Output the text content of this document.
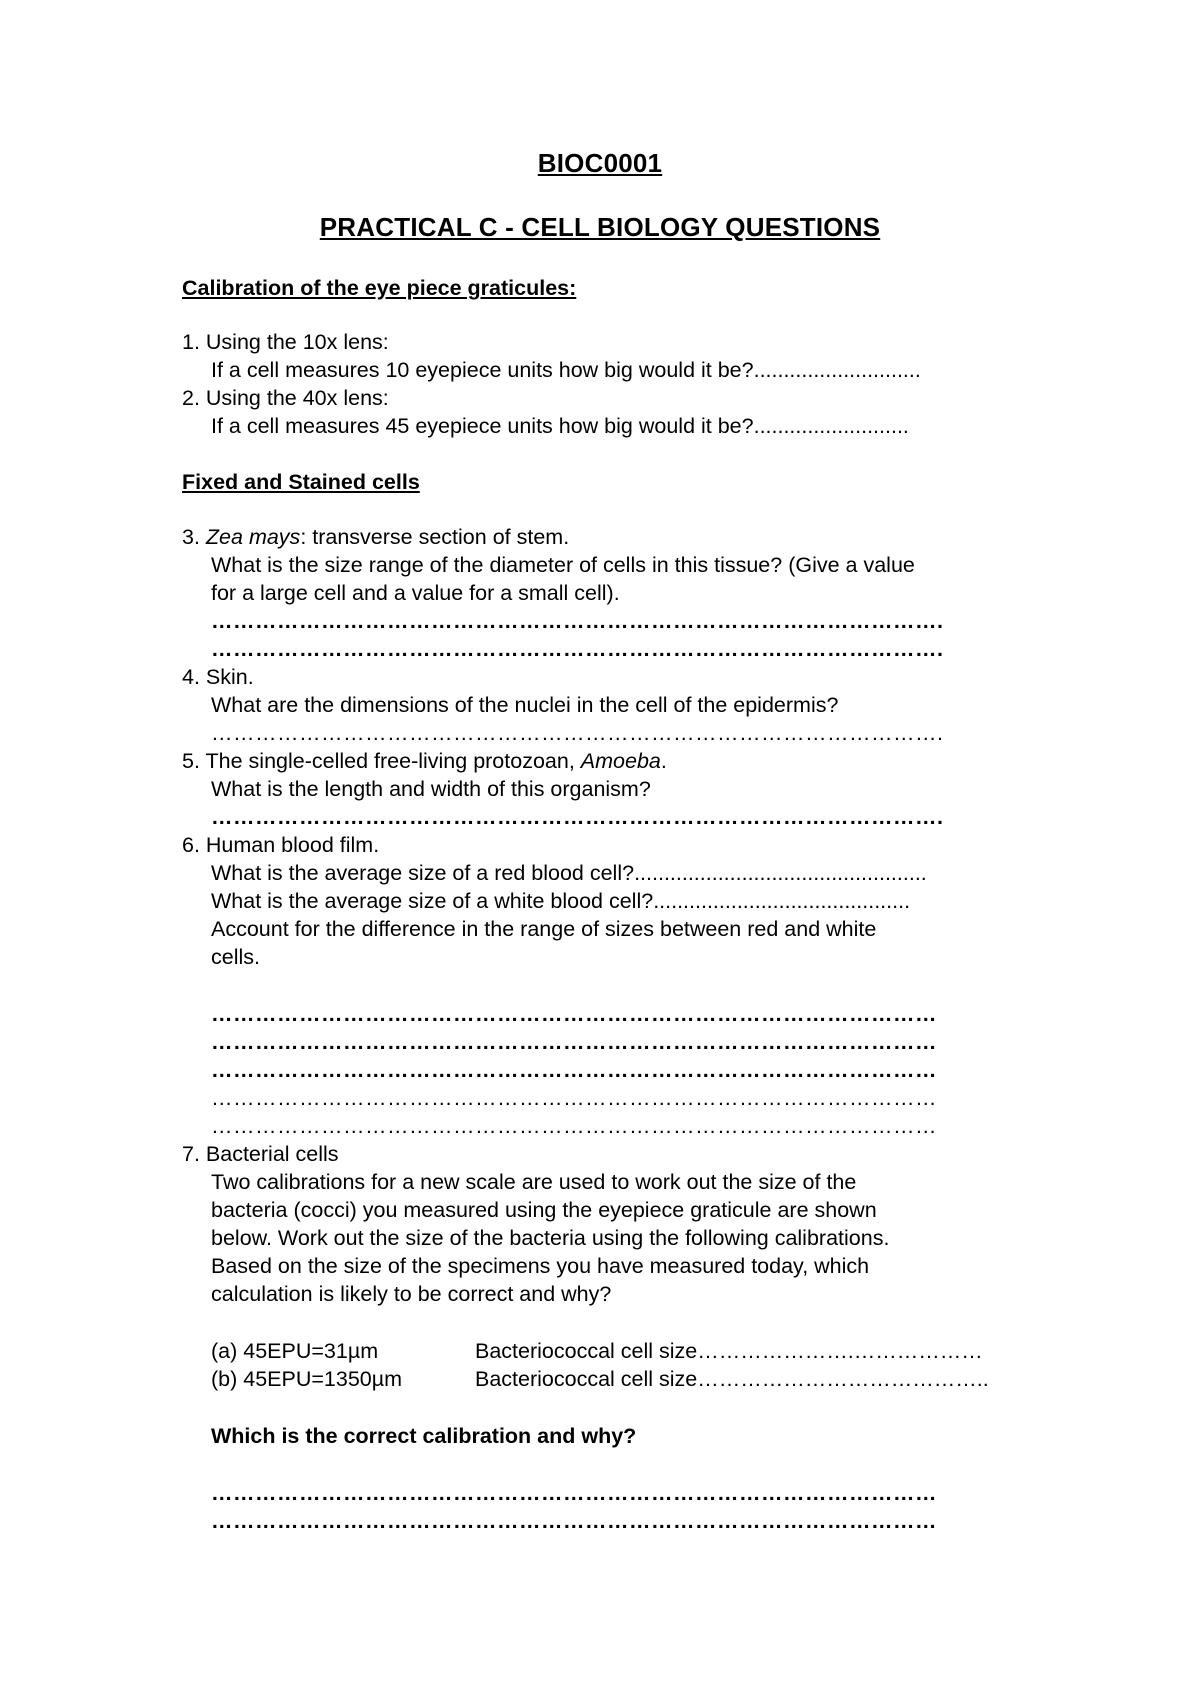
BIOC0001
PRACTICAL C - CELL BIOLOGY QUESTIONS
Calibration of the eye piece graticules:
1. Using the 10x lens:
If a cell measures 10 eyepiece units how big would it be?............................
2. Using the 40x lens:
If a cell measures 45 eyepiece units how big would it be?..........................
Fixed and Stained cells
3. Zea mays: transverse section of stem.
What is the size range of the diameter of cells in this tissue? (Give a value
for a large cell and a value for a small cell).
……………………………………………………………………………………….
……………………………………………………………………………………….
4. Skin.
What are the dimensions of the nuclei in the cell of the epidermis?
……………………………………………………………………………………….
5. The single-celled free-living protozoan, Amoeba.
What is the length and width of this organism?
……………………………………………………………………………………….
6. Human blood film.
What is the average size of a red blood cell?.................................................
What is the average size of a white blood cell?...........................................
Account for the difference in the range of sizes between red and white
cells.
………………………………………………………………………………………
………………………………………………………………………………………
………………………………………………………………………………………
………………………………………………………………………………………
………………………………………………………………………………………
7. Bacterial cells
Two calibrations for a new scale are used to work out the size of the
bacteria (cocci) you measured using the eyepiece graticule are shown
below. Work out the size of the bacteria using the following calibrations.
Based on the size of the specimens you have measured today, which
calculation is likely to be correct and why?
(a) 45EPU=31µm	Bacteriococcal cell size………………….………………
(b) 45EPU=1350µm	Bacteriococcal cell size…………………………………..
Which is the correct calibration and why?
………………………………………………………………………………………
………………………………………………………………………………………
